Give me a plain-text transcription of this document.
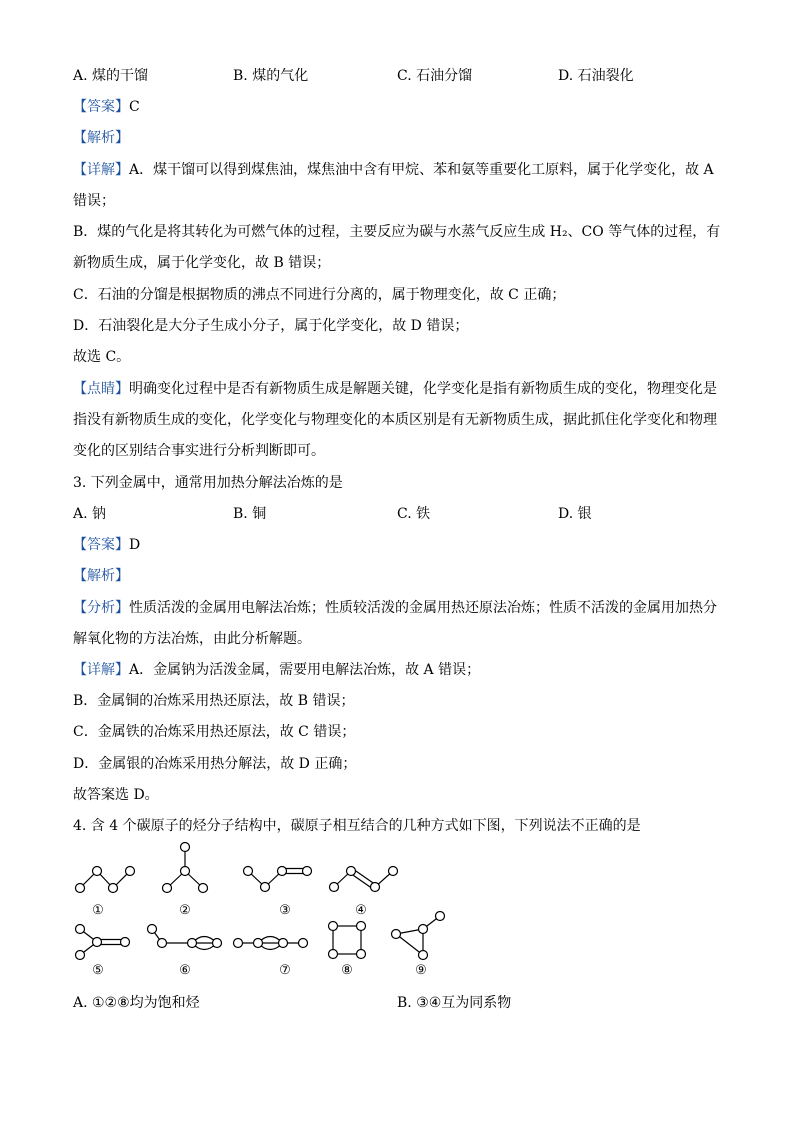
A. 煤的干馏	B. 煤的气化	C. 石油分馏	D. 石油裂化
【答案】C
【解析】
【详解】A．煤干馏可以得到煤焦油，煤焦油中含有甲烷、苯和氨等重要化工原料，属于化学变化，故 A
错误；
B．煤的气化是将其转化为可燃气体的过程，主要反应为碳与水蒸气反应生成 H₂、CO 等气体的过程，有
新物质生成，属于化学变化，故 B 错误；
C．石油的分馏是根据物质的沸点不同进行分离的，属于物理变化，故 C 正确；
D．石油裂化是大分子生成小分子，属于化学变化，故 D 错误；
故选 C。
【点睛】明确变化过程中是否有新物质生成是解题关键，化学变化是指有新物质生成的变化，物理变化是
指没有新物质生成的变化，化学变化与物理变化的本质区别是有无新物质生成，据此抓住化学变化和物理
变化的区别结合事实进行分析判断即可。
3. 下列金属中，通常用加热分解法冶炼的是
A. 钠	B. 铜	C. 铁	D. 银
【答案】D
【解析】
【分析】性质活泼的金属用电解法冶炼；性质较活泼的金属用热还原法冶炼；性质不活泼的金属用加热分
解氧化物的方法冶炼，由此分析解题。
【详解】A．金属钠为活泼金属，需要用电解法冶炼，故 A 错误；
B．金属铜的冶炼采用热还原法，故 B 错误；
C．金属铁的冶炼采用热还原法，故 C 错误；
D．金属银的冶炼采用热分解法，故 D 正确；
故答案选 D。
4. 含 4 个碳原子的烃分子结构中，碳原子相互结合的几种方式如下图，下列说法不正确的是
①	②	③	④
⑤	⑥	⑦	⑧	⑨
A. ①②⑧均为饱和烃	B. ③④互为同系物
